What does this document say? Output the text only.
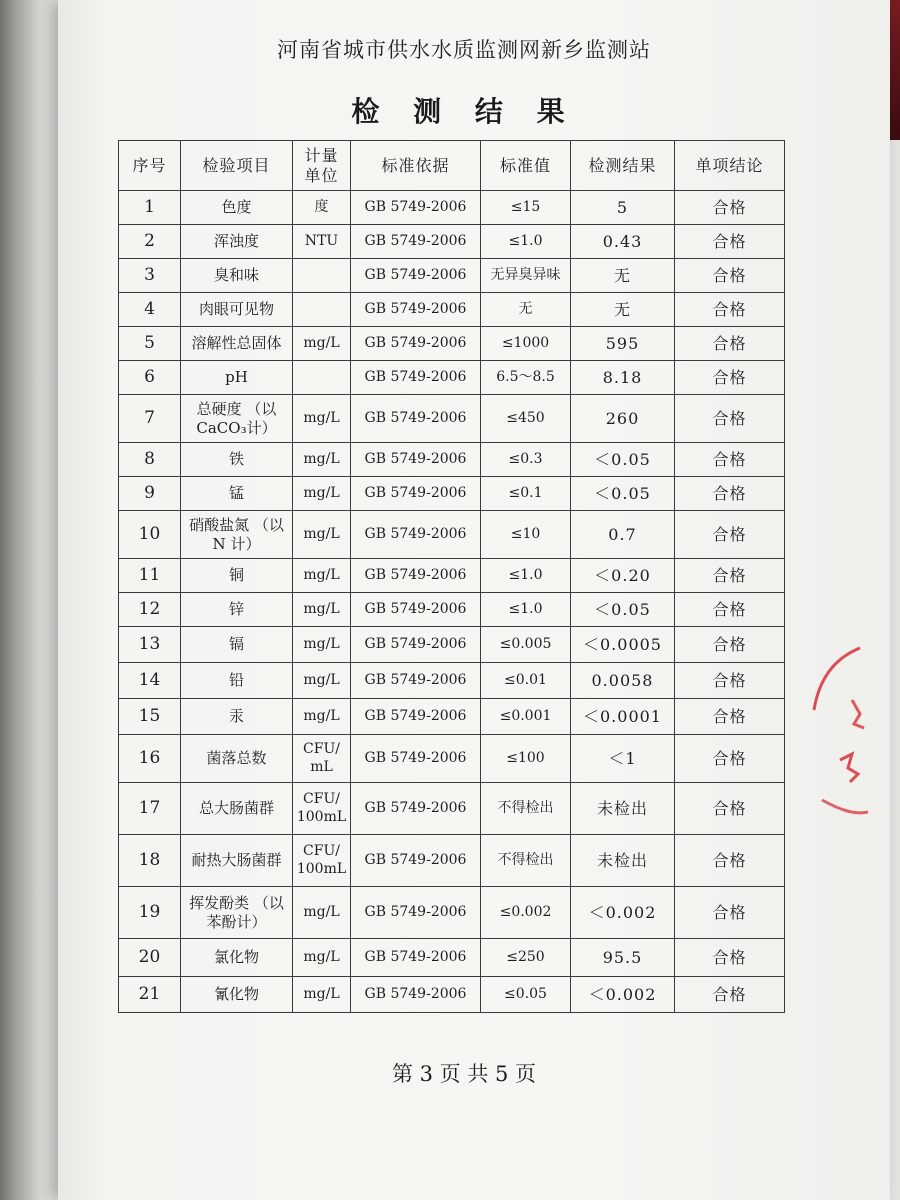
河南省城市供水水质监测网新乡监测站
检 测 结 果
序号	检验项目	计量 单位	标准依据	标准值	检测结果	单项结论
1	色度	度	GB 5749-2006	≤15	5	合格
2	浑浊度	NTU	GB 5749-2006	≤1.0	0.43	合格
3	臭和味		GB 5749-2006	无异臭异味	无	合格
4	肉眼可见物		GB 5749-2006	无	无	合格
5	溶解性总固体	mg/L	GB 5749-2006	≤1000	595	合格
6	pH		GB 5749-2006	6.5～8.5	8.18	合格
7	总硬度 （以 CaCO₃计）	mg/L	GB 5749-2006	≤450	260	合格
8	铁	mg/L	GB 5749-2006	≤0.3	＜0.05	合格
9	锰	mg/L	GB 5749-2006	≤0.1	＜0.05	合格
10	硝酸盐氮 （以 N 计）	mg/L	GB 5749-2006	≤10	0.7	合格
11	铜	mg/L	GB 5749-2006	≤1.0	＜0.20	合格
12	锌	mg/L	GB 5749-2006	≤1.0	＜0.05	合格
13	镉	mg/L	GB 5749-2006	≤0.005	＜0.0005	合格
14	铅	mg/L	GB 5749-2006	≤0.01	0.0058	合格
15	汞	mg/L	GB 5749-2006	≤0.001	＜0.0001	合格
16	菌落总数	CFU/ mL	GB 5749-2006	≤100	＜1	合格
17	总大肠菌群	CFU/ 100mL	GB 5749-2006	不得检出	未检出	合格
18	耐热大肠菌群	CFU/ 100mL	GB 5749-2006	不得检出	未检出	合格
19	挥发酚类 （以苯酚计）	mg/L	GB 5749-2006	≤0.002	＜0.002	合格
20	氯化物	mg/L	GB 5749-2006	≤250	95.5	合格
21	氰化物	mg/L	GB 5749-2006	≤0.05	＜0.002	合格
第 3 页 共 5 页
